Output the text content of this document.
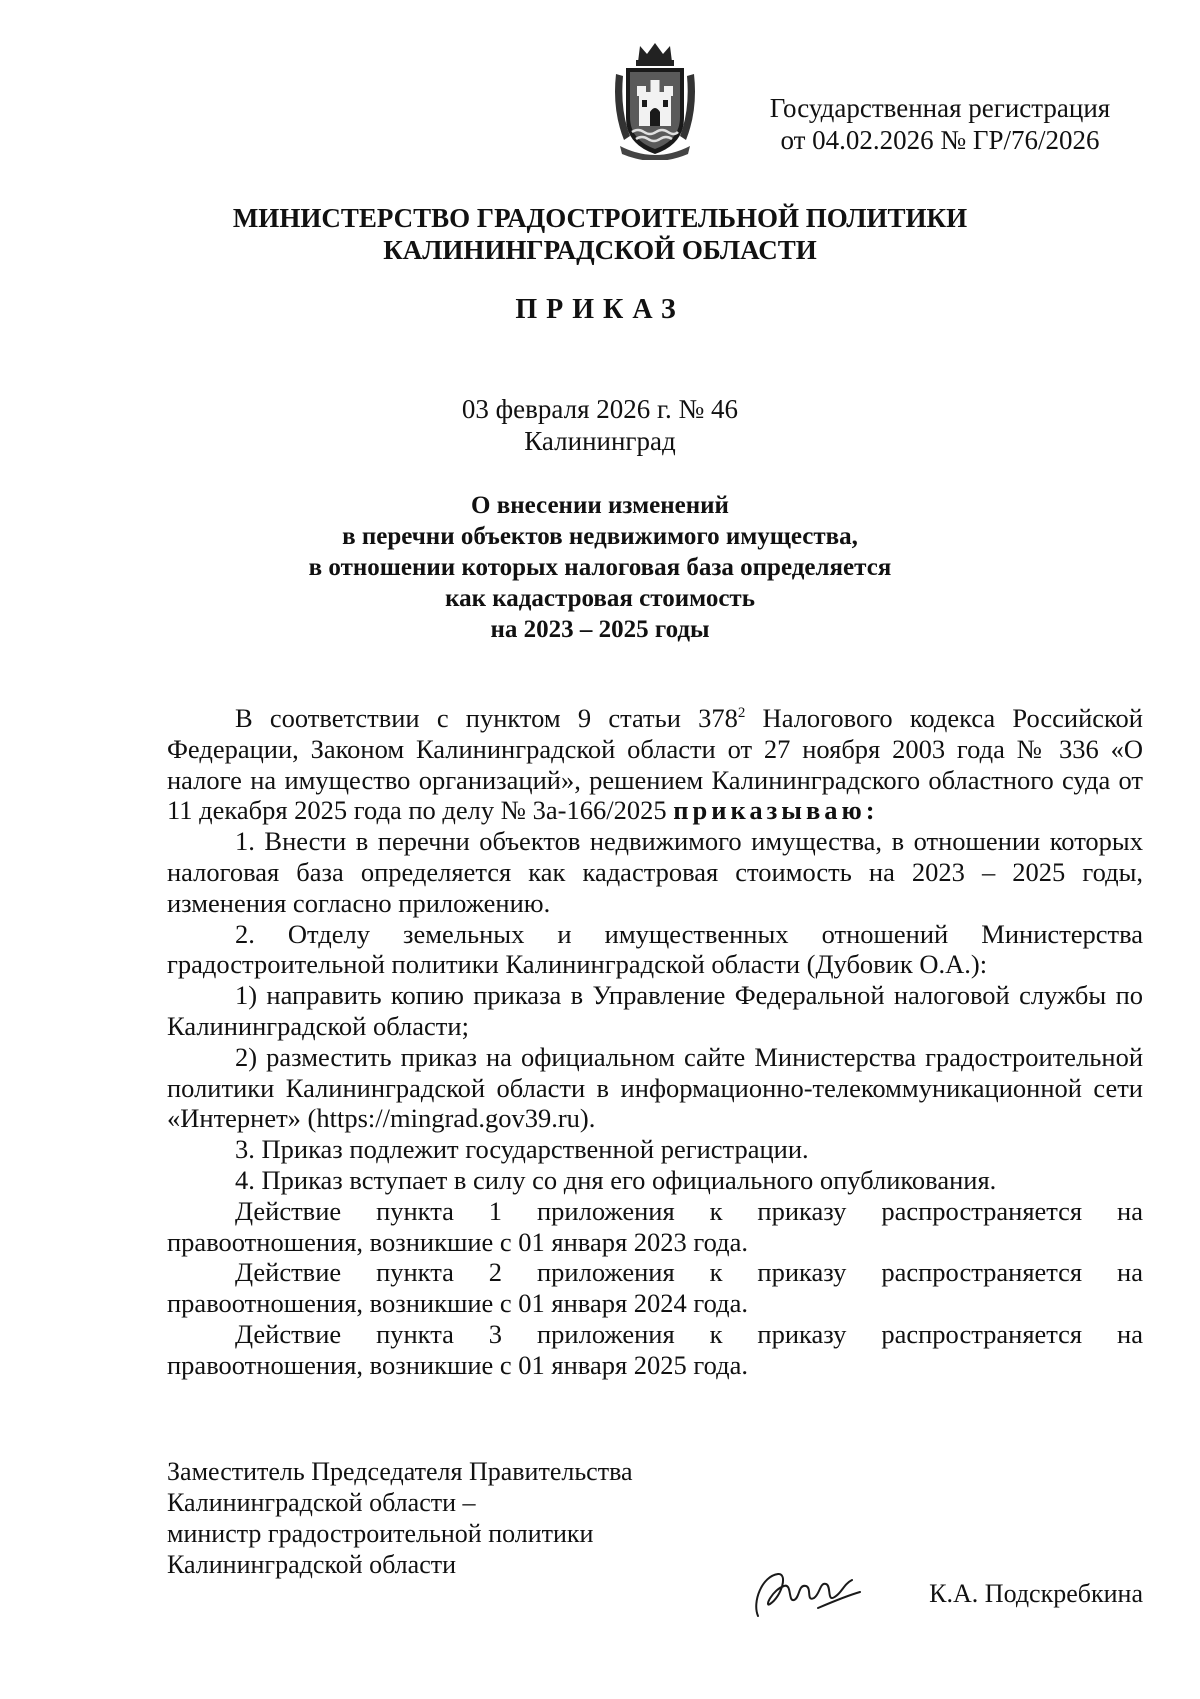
Государственная регистрация
от 04.02.2026 № ГР/76/2026
МИНИСТЕРСТВО ГРАДОСТРОИТЕЛЬНОЙ ПОЛИТИКИ
КАЛИНИНГРАДСКОЙ ОБЛАСТИ
ПРИКАЗ
03 февраля 2026 г. № 46
Калининград
О внесении изменений
в перечни объектов недвижимого имущества,
в отношении которых налоговая база определяется
как кадастровая стоимость
на 2023 – 2025 годы

В соответствии с пунктом 9 статьи $378^2$ Налогового кодекса Российской Федерации, Законом Калининградской области от 27 ноября 2003 года № 336 «О налоге на имущество организаций», решением Калининградского областного суда от 11 декабря 2025 года по делу № 3а-166/2025 приказываю:

1. Внести в перечни объектов недвижимого имущества, в отношении которых налоговая база определяется как кадастровая стоимость на 2023 – 2025 годы, изменения согласно приложению.

2. Отделу земельных и имущественных отношений Министерства градостроительной политики Калининградской области (Дубовик О.А.):

1) направить копию приказа в Управление Федеральной налоговой службы по Калининградской области;

2) разместить приказ на официальном сайте Министерства градостроительной политики Калининградской области в информационно-телекоммуникационной сети «Интернет» (https://mingrad.gov39.ru).

3. Приказ подлежит государственной регистрации.

4. Приказ вступает в силу со дня его официального опубликования.

Действие пункта 1 приложения к приказу распространяется на правоотношения, возникшие с 01 января 2023 года.

Действие пункта 2 приложения к приказу распространяется на правоотношения, возникшие с 01 января 2024 года.

Действие пункта 3 приложения к приказу распространяется на правоотношения, возникшие с 01 января 2025 года.

Заместитель Председателя Правительства
Калининградской области –
министр градостроительной политики
Калининградской области
К.А. Подскребкина
